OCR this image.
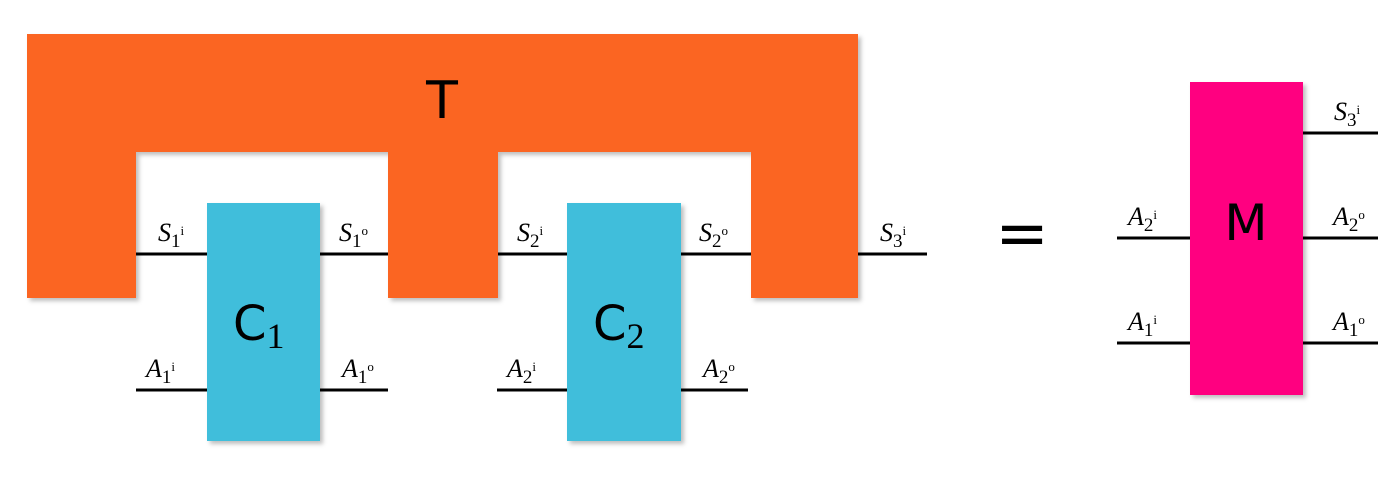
T
C1	C2
$S_1^i$	$S_1^o$	$S_2^i$	$S_2^o$	$S_3^i$
$A_1^i$	$A_1^o$	$A_2^i$	$A_2^o$
=	M
$S_3^i$
$A_2^i$	$A_2^o$
$A_1^i$	$A_1^o$
